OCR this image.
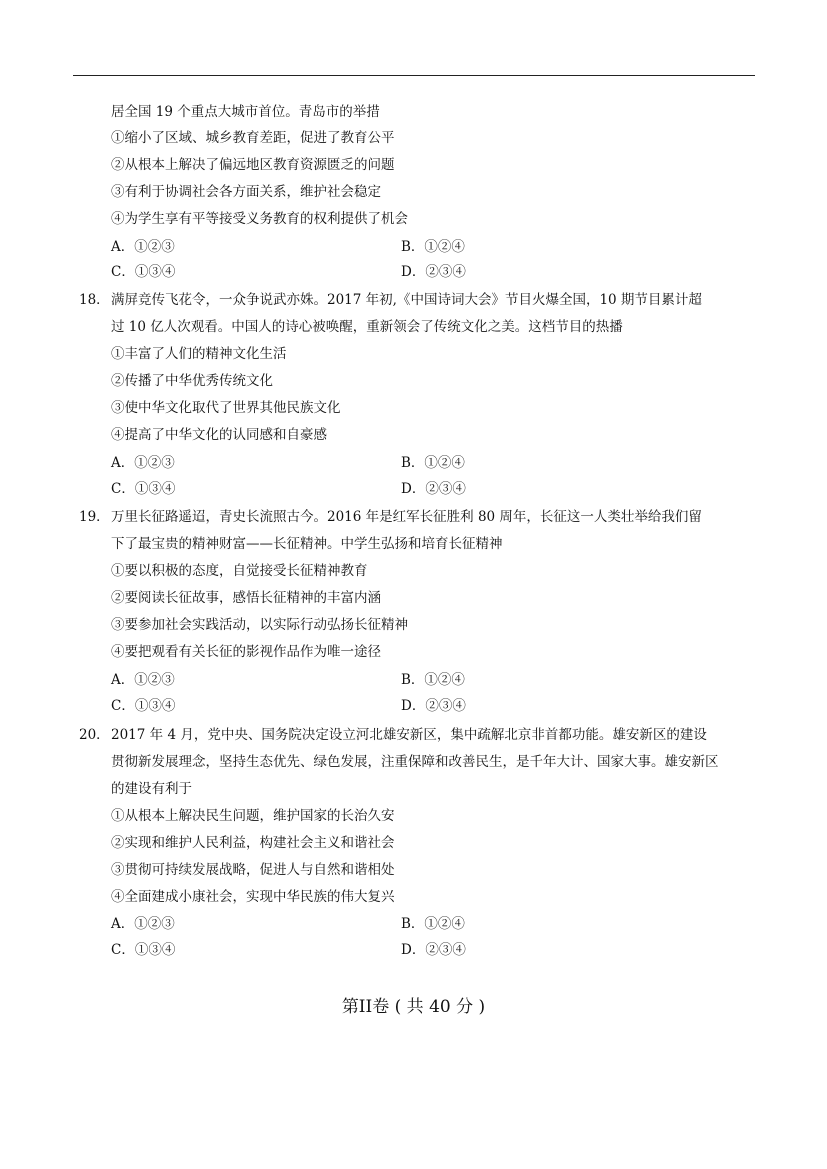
居全国 19 个重点大城市首位。青岛市的举措

①缩小了区域、城乡教育差距，促进了教育公平

②从根本上解决了偏远地区教育资源匮乏的问题

③有利于协调社会各方面关系，维护社会稳定

④为学生享有平等接受义务教育的权利提供了机会

A．①②③	B．①②④
C．①③④	D．②③④
18． 满屏竞传飞花令，一众争说武亦姝。2017 年初,《中国诗词大会》节目火爆全国，10 期节目累计超

过 10 亿人次观看。中国人的诗心被唤醒，重新领会了传统文化之美。这档节目的热播

①丰富了人们的精神文化生活

②传播了中华优秀传统文化

③使中华文化取代了世界其他民族文化

④提高了中华文化的认同感和自豪感

A．①②③	B．①②④
C．①③④	D．②③④
19． 万里长征路遥迢，青史长流照古今。2016 年是红军长征胜利 80 周年，长征这一人类壮举给我们留

下了最宝贵的精神财富——长征精神。中学生弘扬和培育长征精神

①要以积极的态度，自觉接受长征精神教育

②要阅读长征故事，感悟长征精神的丰富内涵

③要参加社会实践活动，以实际行动弘扬长征精神

④要把观看有关长征的影视作品作为唯一途径

A．①②③	B．①②④
C．①③④	D．②③④
20． 2017 年 4 月，党中央、国务院决定设立河北雄安新区，集中疏解北京非首都功能。雄安新区的建设

贯彻新发展理念，坚持生态优先、绿色发展，注重保障和改善民生，是千年大计、国家大事。雄安新区

的建设有利于

①从根本上解决民生问题，维护国家的长治久安

②实现和维护人民利益，构建社会主义和谐社会

③贯彻可持续发展战略，促进人与自然和谐相处

④全面建成小康社会，实现中华民族的伟大复兴

A．①②③	B．①②④
C．①③④	D．②③④
第II卷 ( 共 40 分 )
